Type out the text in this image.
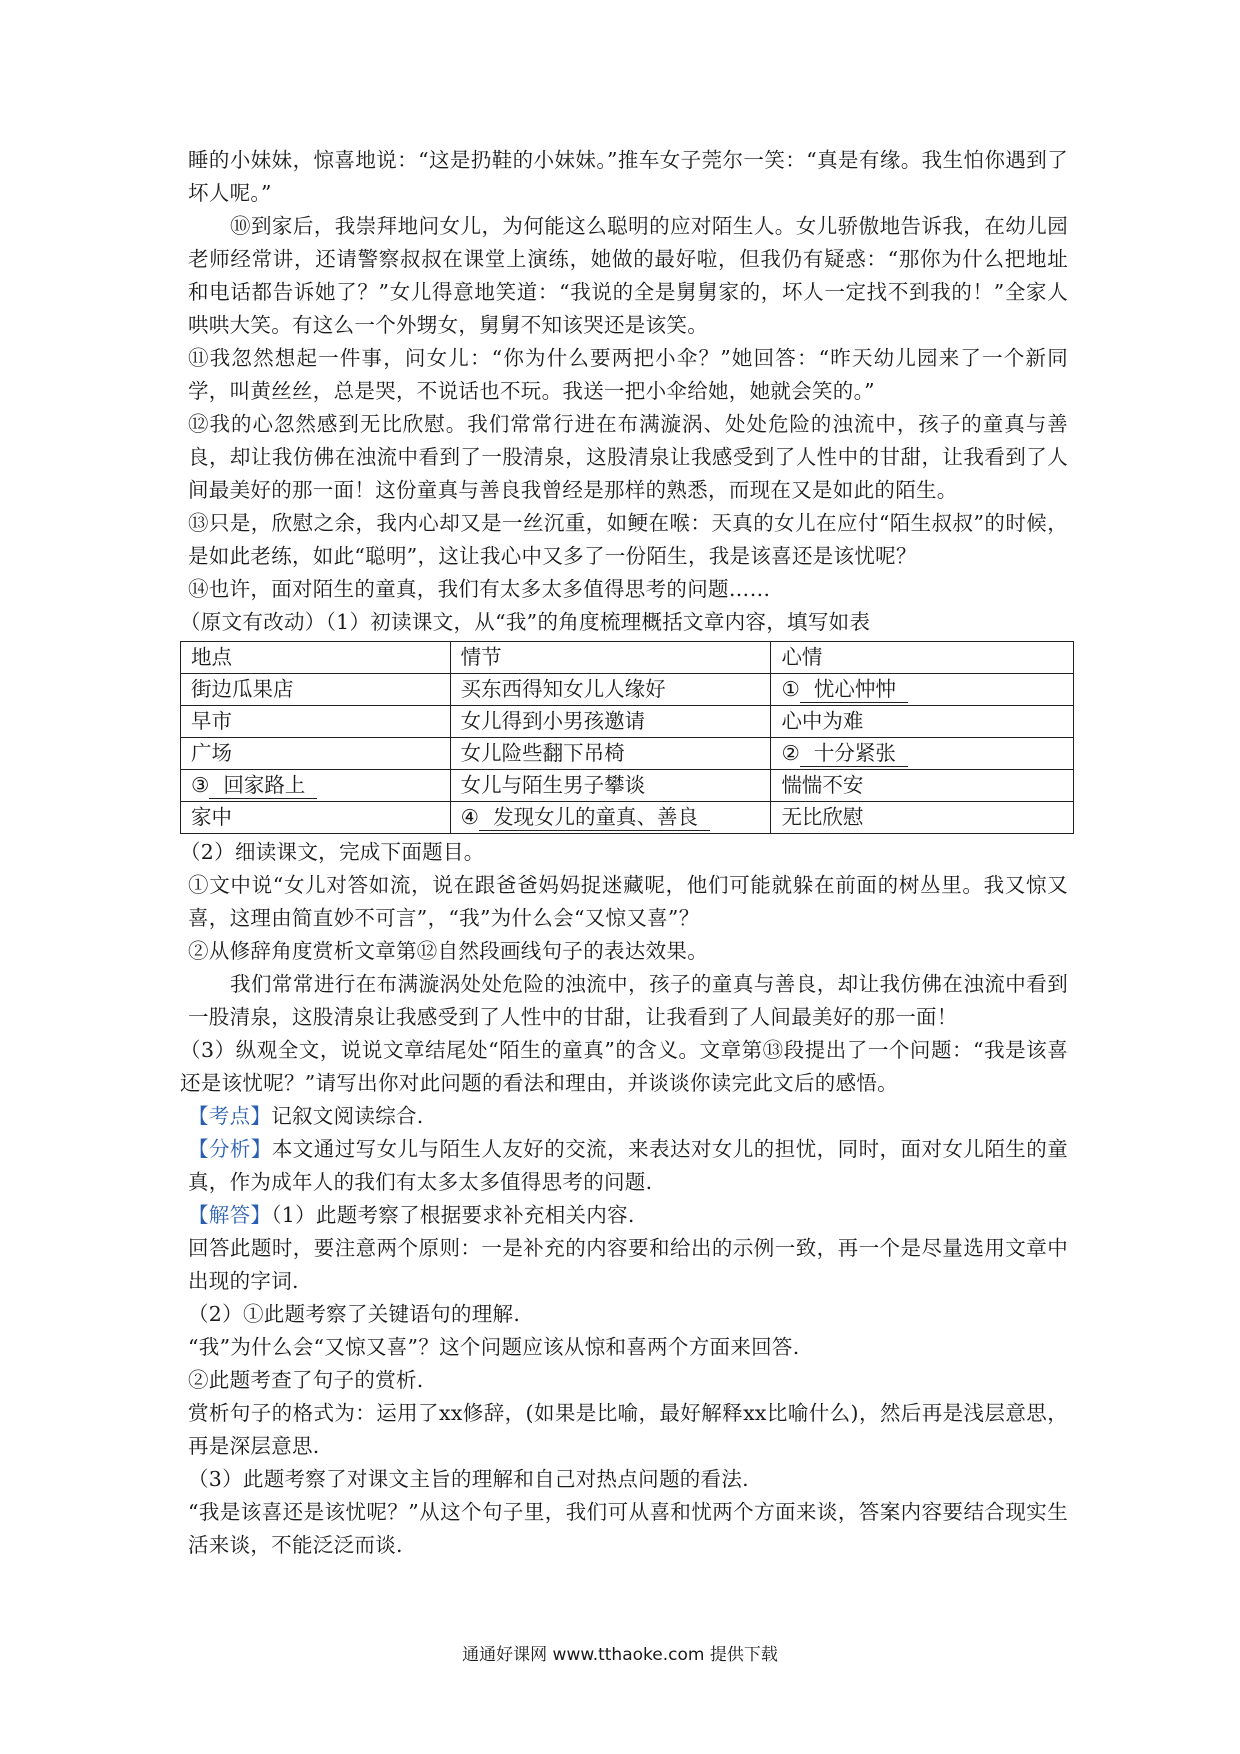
睡的小妹妹，惊喜地说：“这是扔鞋的小妹妹。”推车女子莞尔一笑：“真是有缘。我生怕你遇到了坏人呢。”

⑩到家后，我崇拜地问女儿，为何能这么聪明的应对陌生人。女儿骄傲地告诉我，在幼儿园老师经常讲，还请警察叔叔在课堂上演练，她做的最好啦，但我仍有疑惑：“那你为什么把地址和电话都告诉她了？”女儿得意地笑道：“我说的全是舅舅家的，坏人一定找不到我的！”全家人哄哄大笑。有这么一个外甥女，舅舅不知该哭还是该笑。

⑪我忽然想起一件事，问女儿：“你为什么要两把小伞？”她回答：“昨天幼儿园来了一个新同学，叫黄丝丝，总是哭，不说话也不玩。我送一把小伞给她，她就会笑的。”

⑫我的心忽然感到无比欣慰。我们常常行进在布满漩涡、处处危险的浊流中，孩子的童真与善良，却让我仿佛在浊流中看到了一股清泉，这股清泉让我感受到了人性中的甘甜，让我看到了人间最美好的那一面！这份童真与善良我曾经是那样的熟悉，而现在又是如此的陌生。

⑬只是，欣慰之余，我内心却又是一丝沉重，如鲠在喉：天真的女儿在应付“陌生叔叔”的时候，是如此老练，如此“聪明”，这让我心中又多了一份陌生，我是该喜还是该忧呢？

⑭也许，面对陌生的童真，我们有太多太多值得思考的问题……

（原文有改动）（1）初读课文，从“我”的角度梳理概括文章内容，填写如表

地点	情节	心情
街边瓜果店	买东西得知女儿人缘好	① 忧心忡忡
早市	女儿得到小男孩邀请	心中为难
广场	女儿险些翻下吊椅	② 十分紧张
③ 回家路上	女儿与陌生男子攀谈	惴惴不安
家中	④ 发现女儿的童真、善良	无比欣慰

（2）细读课文，完成下面题目。

①文中说“女儿对答如流，说在跟爸爸妈妈捉迷藏呢，他们可能就躲在前面的树丛里。我又惊又喜，这理由简直妙不可言”，“我”为什么会“又惊又喜”？

②从修辞角度赏析文章第⑫自然段画线句子的表达效果。

我们常常进行在布满漩涡处处危险的浊流中，孩子的童真与善良，却让我仿佛在浊流中看到一股清泉，这股清泉让我感受到了人性中的甘甜，让我看到了人间最美好的那一面！

（3）纵观全文，说说文章结尾处“陌生的童真”的含义。文章第⑬段提出了一个问题：“我是该喜还是该忧呢？”请写出你对此问题的看法和理由，并谈谈你读完此文后的感悟。

【考点】记叙文阅读综合.

【分析】本文通过写女儿与陌生人友好的交流，来表达对女儿的担忧，同时，面对女儿陌生的童真，作为成年人的我们有太多太多值得思考的问题.

【解答】（1）此题考察了根据要求补充相关内容.

回答此题时，要注意两个原则：一是补充的内容要和给出的示例一致，再一个是尽量选用文章中出现的字词.

（2）①此题考察了关键语句的理解.

“我”为什么会“又惊又喜”？这个问题应该从惊和喜两个方面来回答.

②此题考查了句子的赏析.

赏析句子的格式为：运用了xx修辞，(如果是比喻，最好解释xx比喻什么)，然后再是浅层意思，再是深层意思.

（3）此题考察了对课文主旨的理解和自己对热点问题的看法.

“我是该喜还是该忧呢？”从这个句子里，我们可从喜和忧两个方面来谈，答案内容要结合现实生活来谈，不能泛泛而谈.

通通好课网 www.tthaoke.com 提供下载
